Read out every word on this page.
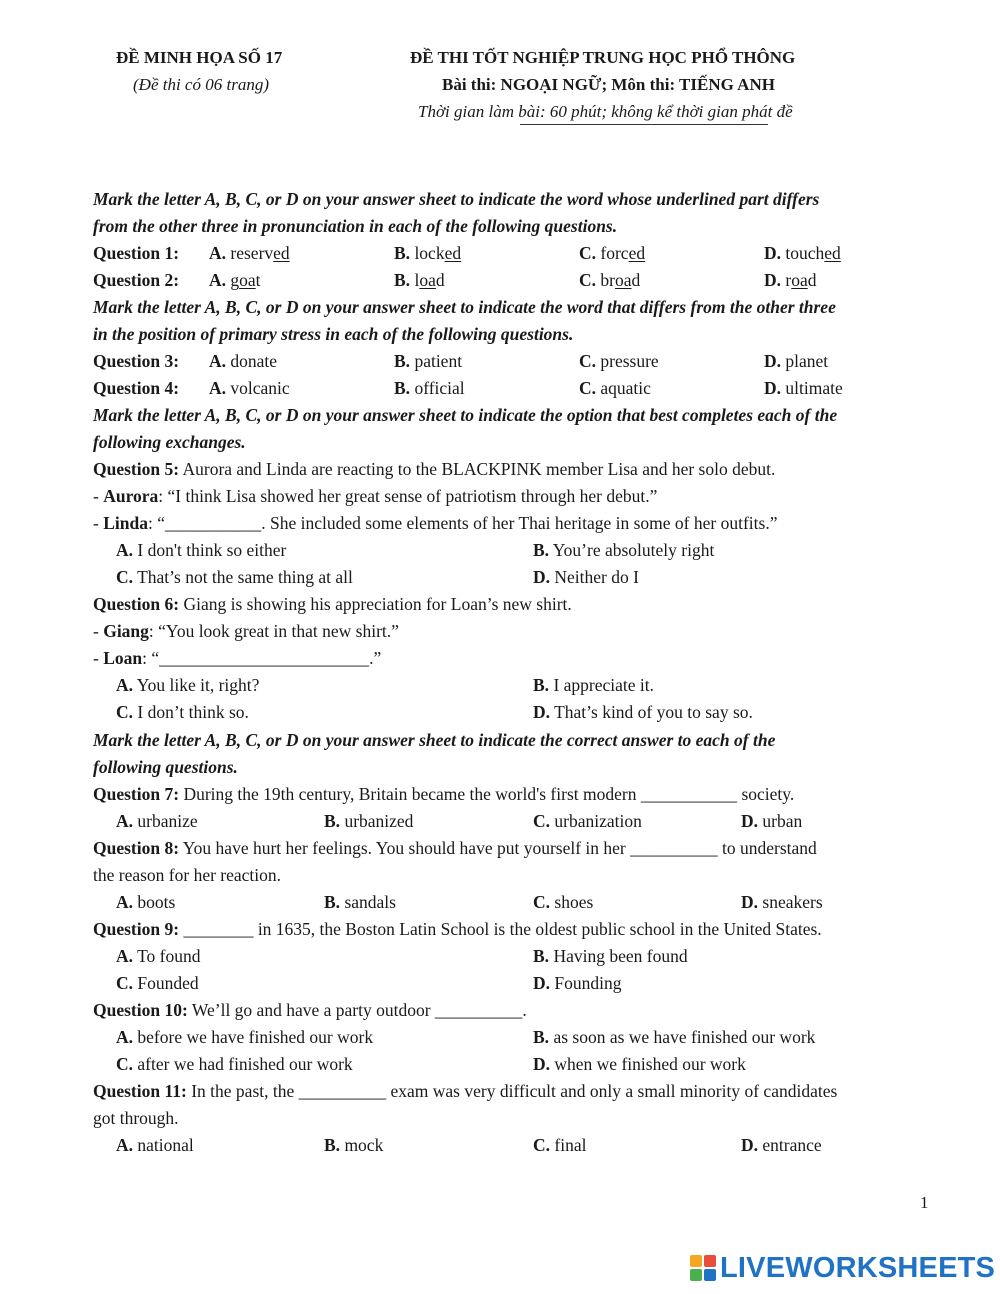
ĐỀ MINH HỌA SỐ 17
(Đề thi có 06 trang)
ĐỀ THI TỐT NGHIỆP TRUNG HỌC PHỔ THÔNG
Bài thi: NGOẠI NGỮ; Môn thi: TIẾNG ANH
Thời gian làm bài: 60 phút; không kể thời gian phát đề
Mark the letter A, B, C, or D on your answer sheet to indicate the word whose underlined part differs
from the other three in pronunciation in each of the following questions.
Question 1: A. reserved	B. locked	C. forced	D. touched
Question 2: A. goat	B. load	C. broad	D. road
Mark the letter A, B, C, or D on your answer sheet to indicate the word that differs from the other three
in the position of primary stress in each of the following questions.
Question 3: A. donate	B. patient	C. pressure	D. planet
Question 4: A. volcanic	B. official	C. aquatic	D. ultimate
Mark the letter A, B, C, or D on your answer sheet to indicate the option that best completes each of the
following exchanges.
Question 5: Aurora and Linda are reacting to the BLACKPINK member Lisa and her solo debut.
- Aurora: “I think Lisa showed her great sense of patriotism through her debut.”
- Linda: “___________. She included some elements of her Thai heritage in some of her outfits.”
A. I don't think so either	B. You’re absolutely right
C. That’s not the same thing at all	D. Neither do I
Question 6: Giang is showing his appreciation for Loan’s new shirt.
- Giang: “You look great in that new shirt.”
- Loan: “________________________.”
A. You like it, right?	B. I appreciate it.
C. I don’t think so.	D. That’s kind of you to say so.
Mark the letter A, B, C, or D on your answer sheet to indicate the correct answer to each of the
following questions.
Question 7: During the 19th century, Britain became the world's first modern ___________ society.
A. urbanize	B. urbanized	C. urbanization	D. urban
Question 8: You have hurt her feelings. You should have put yourself in her __________ to understand
the reason for her reaction.
A. boots	B. sandals	C. shoes	D. sneakers
Question 9: ________ in 1635, the Boston Latin School is the oldest public school in the United States.
A. To found	B. Having been found
C. Founded	D. Founding
Question 10: We’ll go and have a party outdoor __________.
A. before we have finished our work	B. as soon as we have finished our work
C. after we had finished our work	D. when we finished our work
Question 11: In the past, the __________ exam was very difficult and only a small minority of candidates
got through.
A. national	B. mock	C. final	D. entrance
1
LIVEWORKSHEETS
